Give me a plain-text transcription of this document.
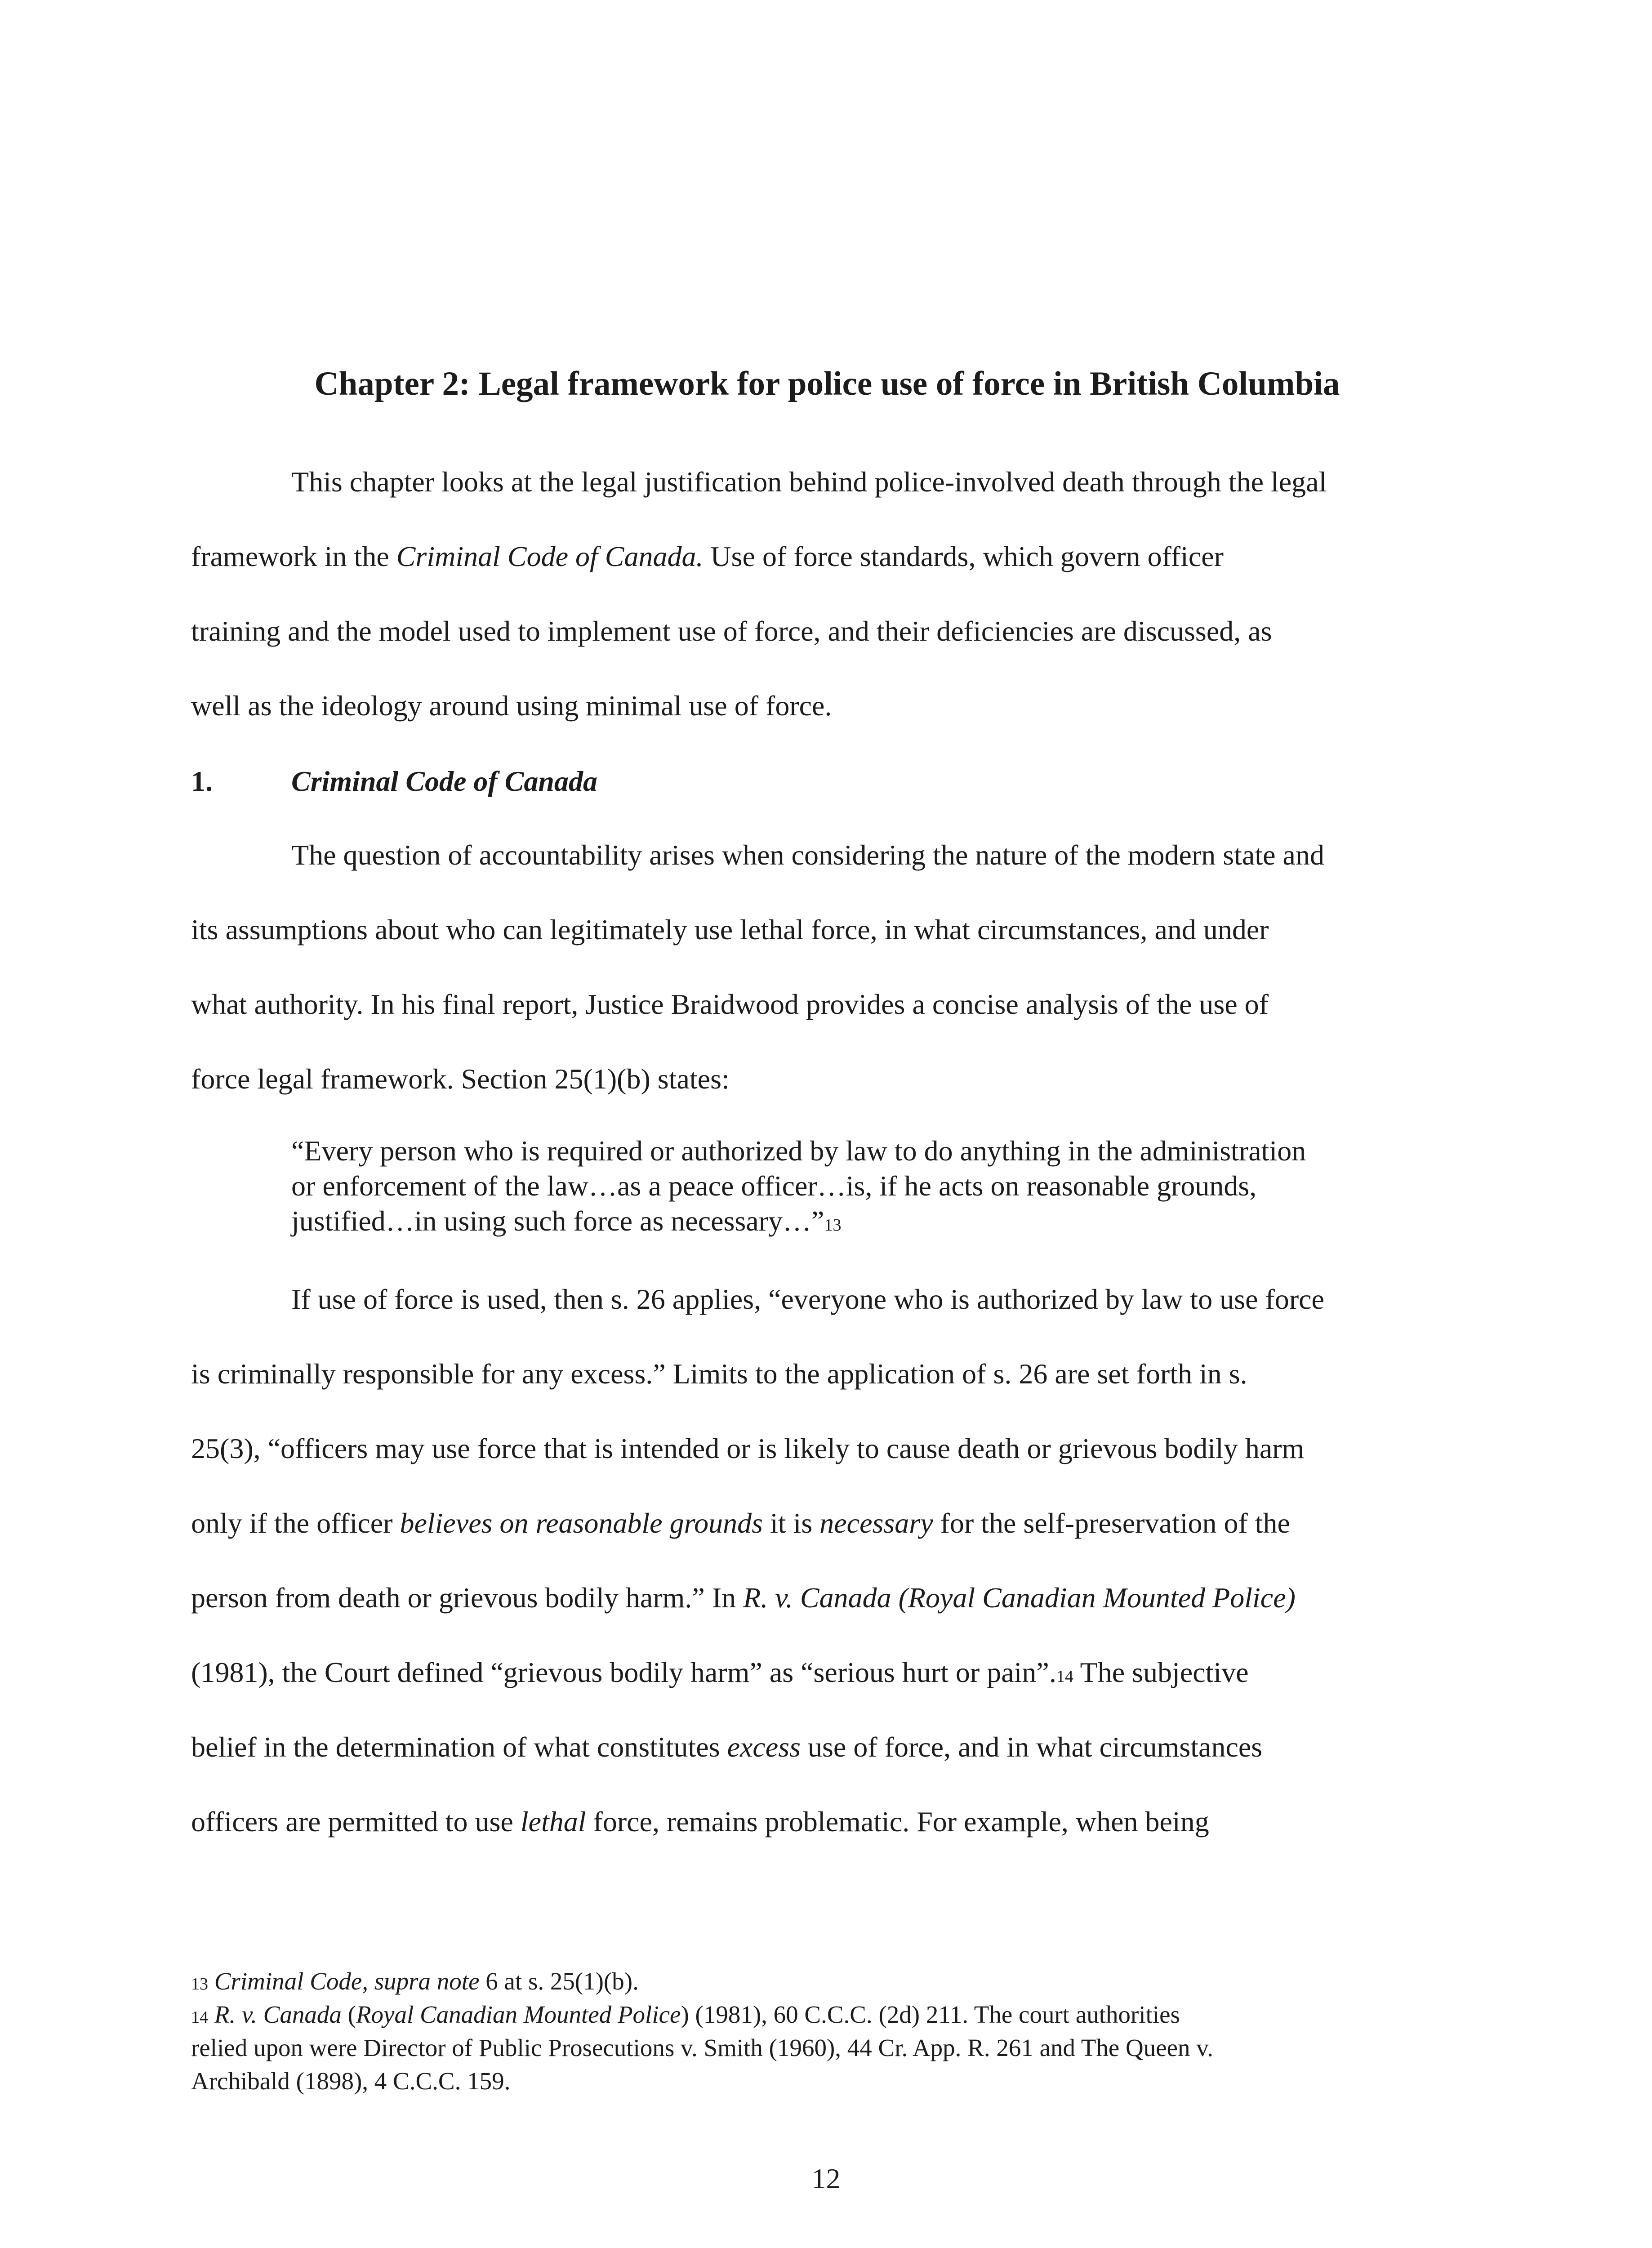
Chapter 2: Legal framework for police use of force in British Columbia

This chapter looks at the legal justification behind police-involved death through the legal

framework in the Criminal Code of Canada. Use of force standards, which govern officer

training and the model used to implement use of force, and their deficiencies are discussed, as

well as the ideology around using minimal use of force.

1.	Criminal Code of Canada

The question of accountability arises when considering the nature of the modern state and

its assumptions about who can legitimately use lethal force, in what circumstances, and under

what authority. In his final report, Justice Braidwood provides a concise analysis of the use of

force legal framework. Section 25(1)(b) states:

“Every person who is required or authorized by law to do anything in the administration

or enforcement of the law…as a peace officer…is, if he acts on reasonable grounds,

justified…in using such force as necessary…”13

If use of force is used, then s. 26 applies, “everyone who is authorized by law to use force

is criminally responsible for any excess.” Limits to the application of s. 26 are set forth in s.

25(3), “officers may use force that is intended or is likely to cause death or grievous bodily harm

only if the officer believes on reasonable grounds it is necessary for the self-preservation of the

person from death or grievous bodily harm.” In R. v. Canada (Royal Canadian Mounted Police)

(1981), the Court defined “grievous bodily harm” as “serious hurt or pain”.14 The subjective

belief in the determination of what constitutes excess use of force, and in what circumstances

officers are permitted to use lethal force, remains problematic. For example, when being

13 Criminal Code, supra note 6 at s. 25(1)(b).

14 R. v. Canada (Royal Canadian Mounted Police) (1981), 60 C.C.C. (2d) 211. The court authorities

relied upon were Director of Public Prosecutions v. Smith (1960), 44 Cr. App. R. 261 and The Queen v.

Archibald (1898), 4 C.C.C. 159.

12
